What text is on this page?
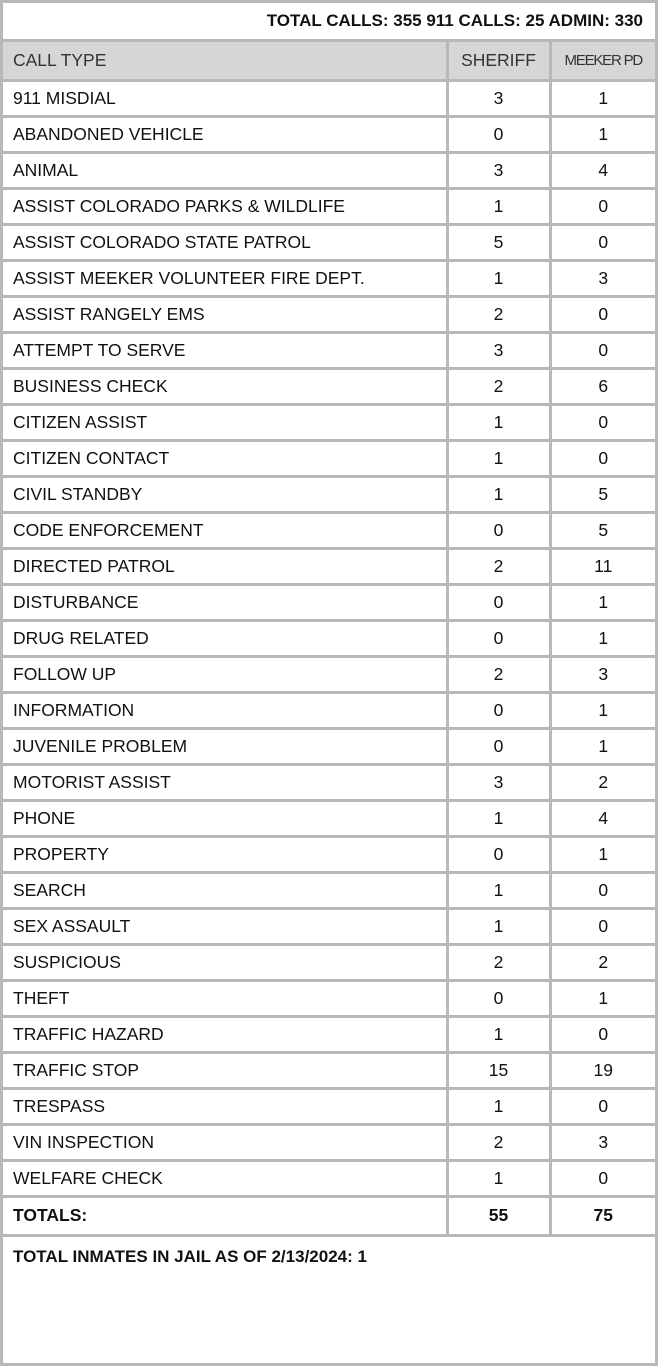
TOTAL CALLS: 355 911 CALLS: 25 ADMIN: 330
CALL TYPE	SHERIFF	MEEKER PD
911 MISDIAL	3	1
ABANDONED VEHICLE	0	1
ANIMAL	3	4
ASSIST COLORADO PARKS & WILDLIFE	1	0
ASSIST COLORADO STATE PATROL	5	0
ASSIST MEEKER VOLUNTEER FIRE DEPT.	1	3
ASSIST RANGELY EMS	2	0
ATTEMPT TO SERVE	3	0
BUSINESS CHECK	2	6
CITIZEN ASSIST	1	0
CITIZEN CONTACT	1	0
CIVIL STANDBY	1	5
CODE ENFORCEMENT	0	5
DIRECTED PATROL	2	11
DISTURBANCE	0	1
DRUG RELATED	0	1
FOLLOW UP	2	3
INFORMATION	0	1
JUVENILE PROBLEM	0	1
MOTORIST ASSIST	3	2
PHONE	1	4
PROPERTY	0	1
SEARCH	1	0
SEX ASSAULT	1	0
SUSPICIOUS	2	2
THEFT	0	1
TRAFFIC HAZARD	1	0
TRAFFIC STOP	15	19
TRESPASS	1	0
VIN INSPECTION	2	3
WELFARE CHECK	1	0
TOTALS:	55	75
TOTAL INMATES IN JAIL AS OF 2/13/2024: 1
